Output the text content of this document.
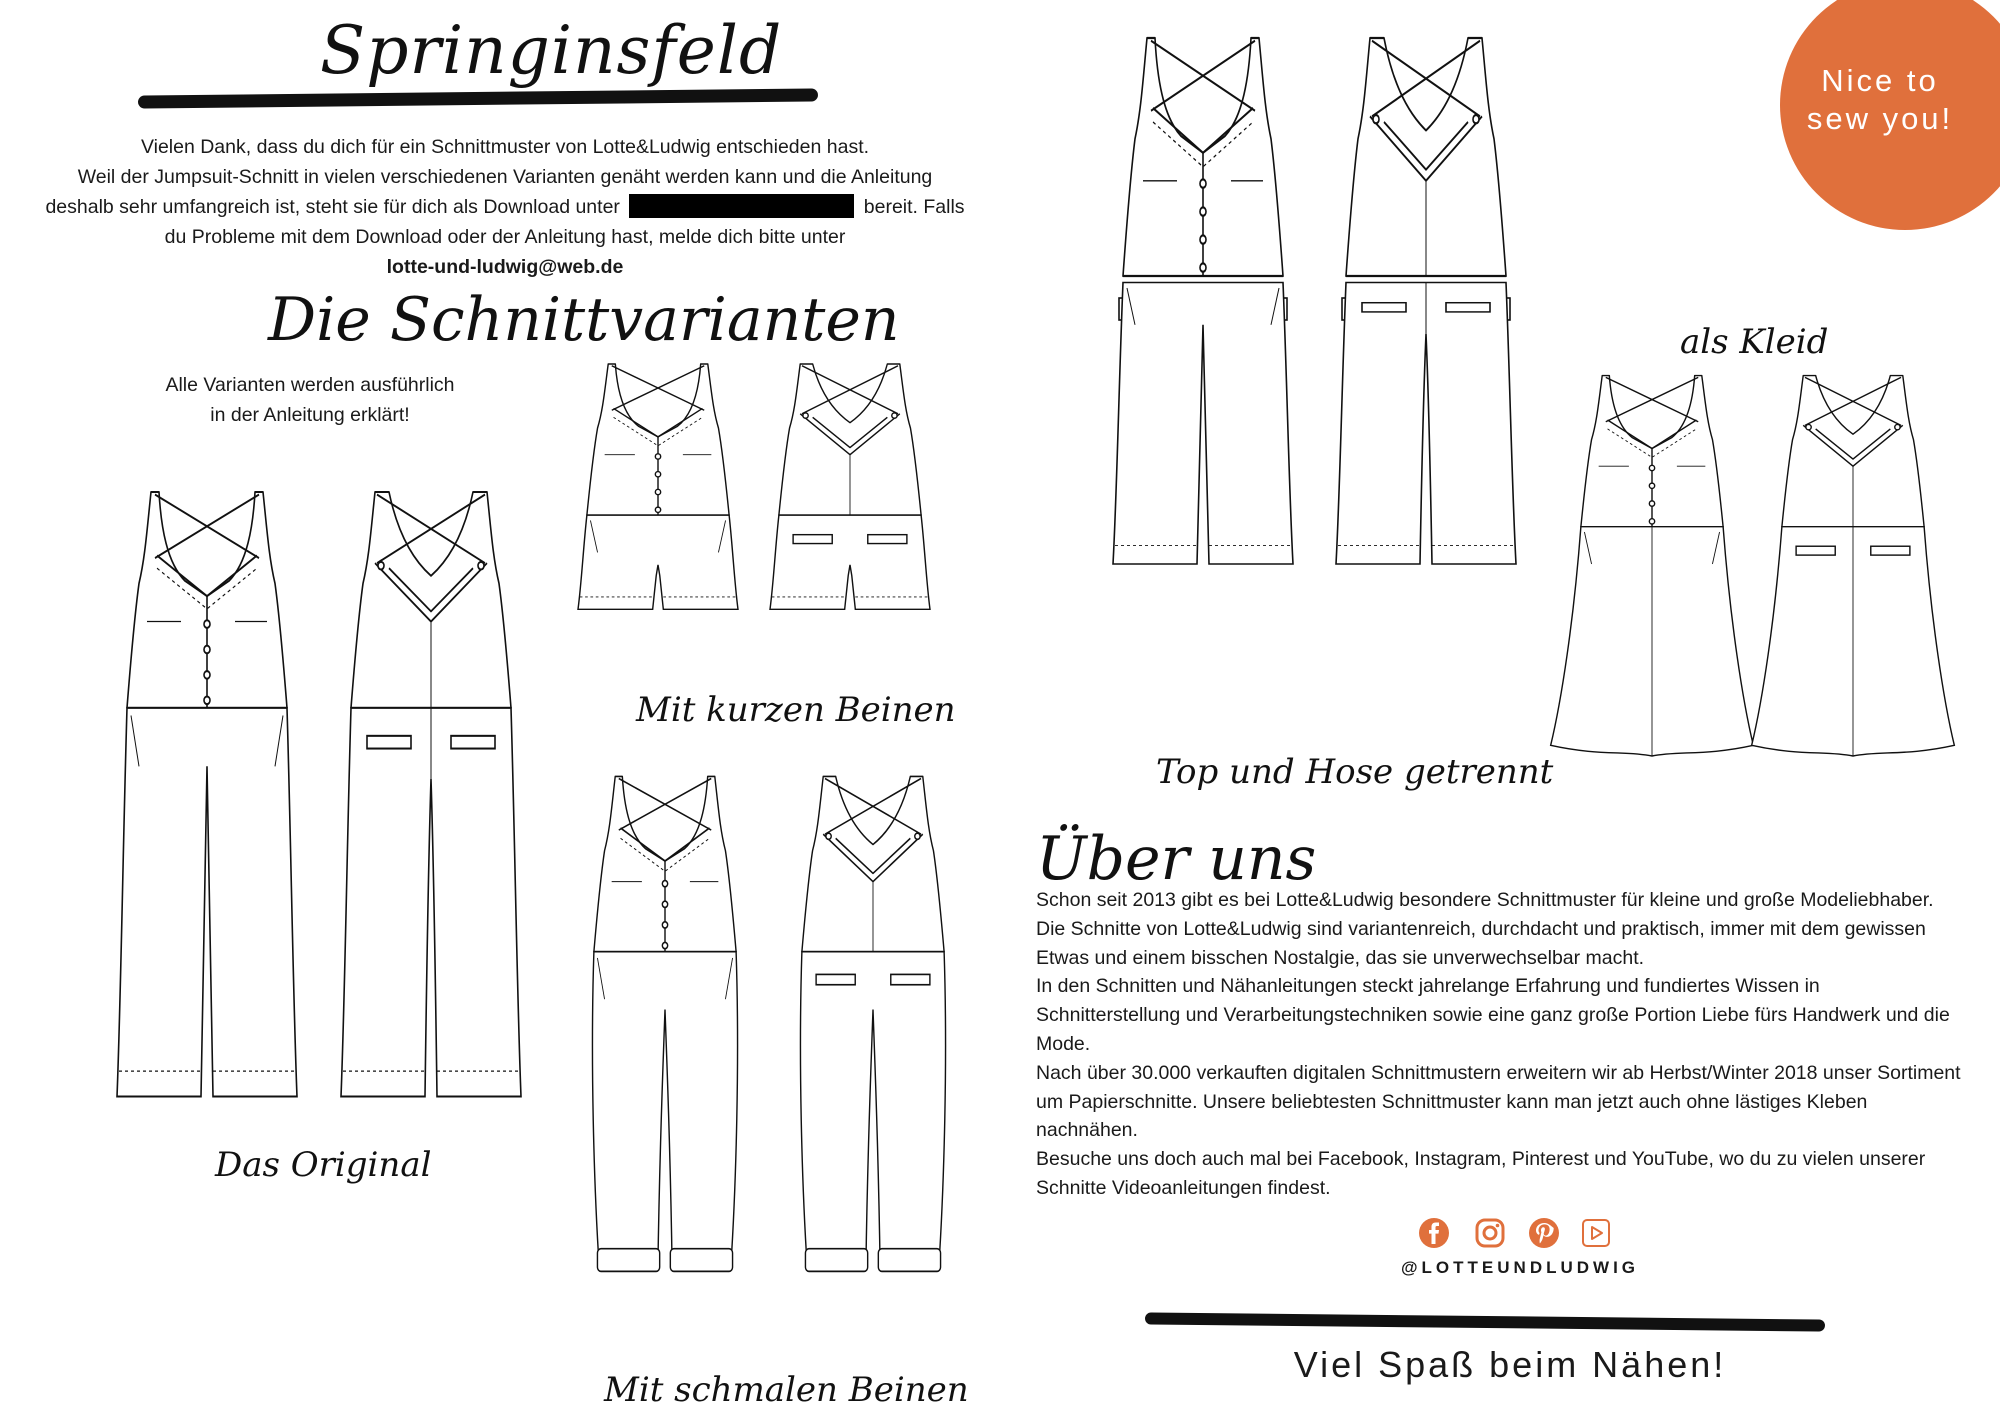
Springinsfeld
Vielen Dank, dass du dich für ein Schnittmuster von Lotte&Ludwig entschieden hast.
Weil der Jumpsuit-Schnitt in vielen verschiedenen Varianten genäht werden kann und die Anleitung
deshalb sehr umfangreich ist, steht sie für dich als Download unter	bereit. Falls
du Probleme mit dem Download oder der Anleitung hast, melde dich bitte unter
lotte-und-ludwig@web.de
Die Schnittvarianten
Alle Varianten werden ausführlich
in der Anleitung erklärt!
Nice to
sew you!
Das Original
Mit kurzen Beinen
Mit schmalen Beinen
Top und Hose getrennt
als Kleid
Über uns

Schon seit 2013 gibt es bei Lotte&Ludwig besondere Schnittmuster für kleine und große Modeliebhaber.

Die Schnitte von Lotte&Ludwig sind variantenreich, durchdacht und praktisch, immer mit dem gewissen Etwas und einem bisschen Nostalgie, das sie unverwechselbar macht.

In den Schnitten und Nähanleitungen steckt jahrelange Erfahrung und fundiertes Wissen in Schnitterstellung und Verarbeitungstechniken sowie eine ganz große Portion Liebe fürs Handwerk und die Mode.

Nach über 30.000 verkauften digitalen Schnittmustern erweitern wir ab Herbst/Winter 2018 unser Sortiment um Papierschnitte. Unsere beliebtesten Schnittmuster kann man jetzt auch ohne lästiges Kleben nachnähen.

Besuche uns doch auch mal bei Facebook, Instagram, Pinterest und YouTube, wo du zu vielen unserer Schnitte Videoanleitungen findest.

@LOTTEUNDLUDWIG
Viel Spaß beim Nähen!
